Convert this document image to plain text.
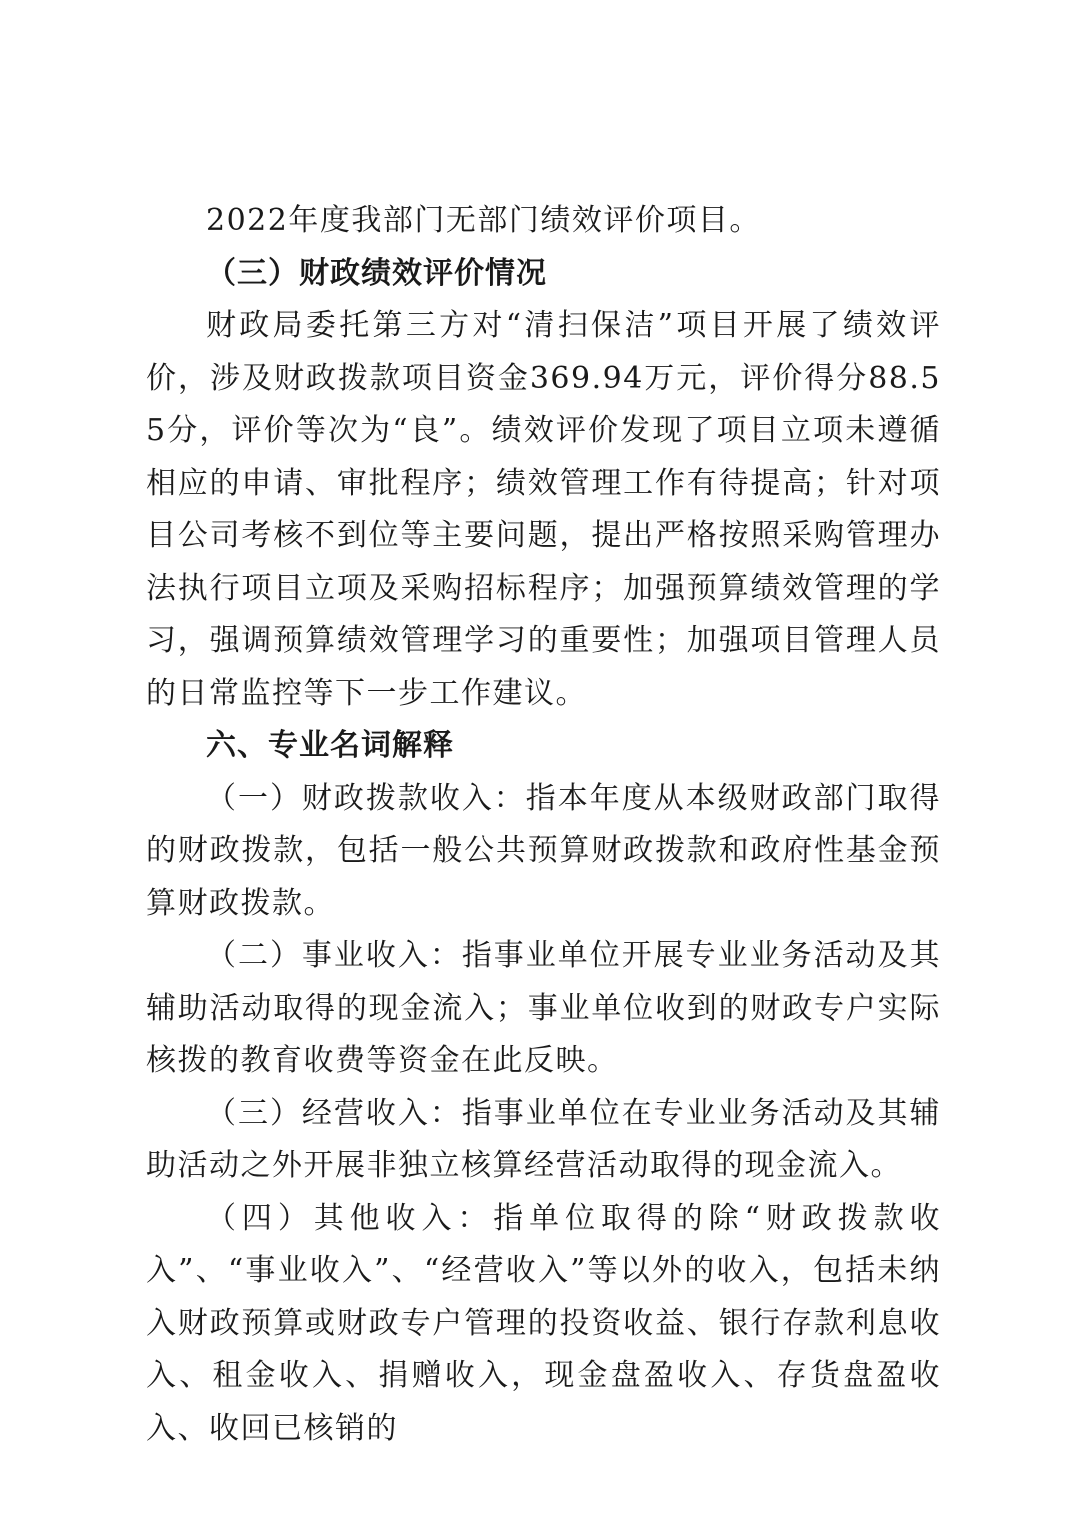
2022年度我部门无部门绩效评价项目。

（三）财政绩效评价情况

财政局委托第三方对“清扫保洁”项目开展了绩效评价，涉及财政拨款项目资金369.94万元，评价得分88.55分，评价等次为“良”。绩效评价发现了项目立项未遵循相应的申请、审批程序；绩效管理工作有待提高；针对项目公司考核不到位等主要问题，提出严格按照采购管理办法执行项目立项及采购招标程序；加强预算绩效管理的学习，强调预算绩效管理学习的重要性；加强项目管理人员的日常监控等下一步工作建议。

六、专业名词解释

（一）财政拨款收入：指本年度从本级财政部门取得的财政拨款，包括一般公共预算财政拨款和政府性基金预算财政拨款。

（二）事业收入：指事业单位开展专业业务活动及其辅助活动取得的现金流入；事业单位收到的财政专户实际核拨的教育收费等资金在此反映。

（三）经营收入：指事业单位在专业业务活动及其辅助活动之外开展非独立核算经营活动取得的现金流入。

（四）其他收入：指单位取得的除“财政拨款收入”、“事业收入”、“经营收入”等以外的收入，包括未纳入财政预算或财政专户管理的投资收益、银行存款利息收入、租金收入、捐赠收入，现金盘盈收入、存货盘盈收入、收回已核销的
